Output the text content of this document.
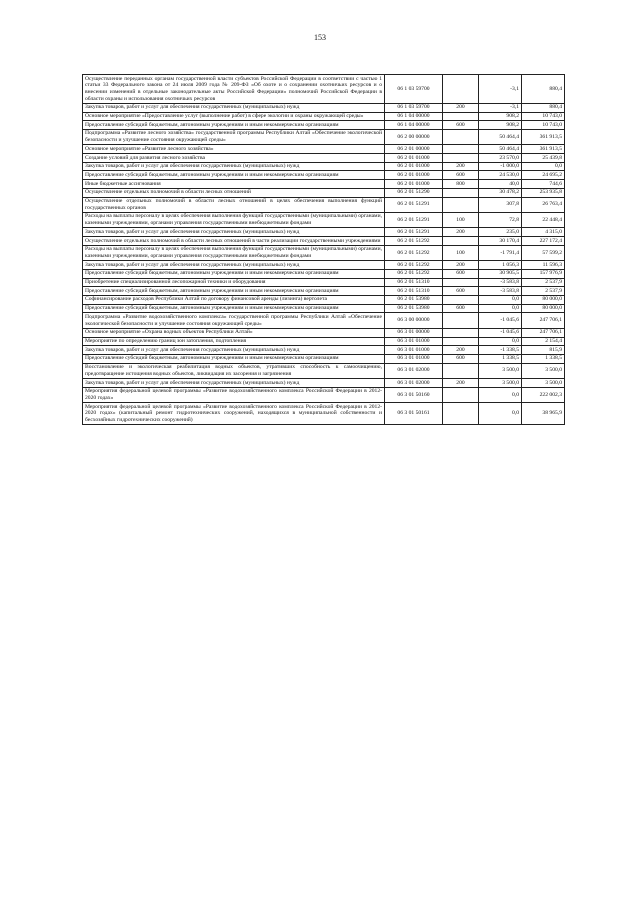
153
Осуществление переданных органам государственной власти субъектов Российской Федерации в соответствии с частью 1 статьи 33 Федерального закона от 24 июля 2009 года № 209-ФЗ «Об охоте и о сохранении охотничьих ресурсов и о внесении изменений в отдельные законодательные акты Российской Федерации» полномочий Российской Федерации в области охраны и использования охотничьих ресурсов	06 1 03 59700		-3,1	880,4
Закупка товаров, работ и услуг для обеспечения государственных (муниципальных) нужд	06 1 03 59700	200	-3,1	880,4
Основное мероприятие «Предоставление услуг (выполнение работ) в сфере экологии и охраны окружающей среды»	06 1 04 00000		908,2	10 743,0
Предоставление субсидий бюджетным, автономным учреждениям и иным некоммерческим организациям	06 1 04 00000	600	908,2	10 743,0
Подпрограмма «Развитие лесного хозяйства» государственной программы Республики Алтай «Обеспечение экологической безопасности и улучшение состояния окружающей среды»	06 2 00 00000		50 464,4	361 913,5
Основное мероприятие «Развитие лесного хозяйства»	06 2 01 00000		50 464,4	361 913,5
Создание условий для развития лесного хозяйства	06 2 01 01000		23 570,0	25 439,8
Закупка товаров, работ и услуг для обеспечения государственных (муниципальных) нужд	06 2 01 01000	200	-1 000,0	0,0
Предоставление субсидий бюджетным, автономным учреждениям и иным некоммерческим организациям	06 2 01 01000	600	24 530,0	24 695,2
Иные бюджетные ассигнования	06 2 01 01000	800	40,0	744,6
Осуществление отдельных полномочий в области лесных отношений	06 2 01 51290		30 478,2	253 935,8
Осуществление отдельных полномочий в области лесных отношений в целях обеспечения выполнения функций государственных органов	06 2 01 51291		307,8	26 763,4
Расходы на выплаты персоналу в целях обеспечения выполнения функций государственными (муниципальными) органами, казенными учреждениями, органами управления государственными внебюджетными фондами	06 2 01 51291	100	72,8	22 448,4
Закупка товаров, работ и услуг для обеспечения государственных (муниципальных) нужд	06 2 01 51291	200	235,0	4 315,0
Осуществление отдельных полномочий в области лесных отношений в части реализации государственными учреждениями	06 2 01 51292		30 170,4	227 172,4
Расходы на выплаты персоналу в целях обеспечения выполнения функций государственными (муниципальными) органами, казенными учреждениями, органами управления государственными внебюджетными фондами	06 2 01 51292	100	-1 791,4	57 599,2
Закупка товаров, работ и услуг для обеспечения государственных (муниципальных) нужд	06 2 01 51292	200	1 056,3	11 596,3
Предоставление субсидий бюджетным, автономным учреждениям и иным некоммерческим организациям	06 2 01 51292	600	30 905,5	157 976,9
Приобретение специализированной лесопожарной техники и оборудования	06 2 01 51310		-3 583,8	2 537,9
Предоставление субсидий бюджетным, автономным учреждениям и иным некоммерческим организациям	06 2 01 51310	600	-3 583,8	2 537,9
Софинансирование расходов Республики Алтай по договору финансовой аренды (лизинга) вертолета	06 2 01 53980		0,0	80 000,0
Предоставление субсидий бюджетным, автономным учреждениям и иным некоммерческим организациям	06 2 01 53980	600	0,0	80 000,0
Подпрограмма «Развитие водохозяйственного комплекса» государственной программы Республики Алтай «Обеспечение экологической безопасности и улучшение состояния окружающей среды»	06 3 00 00000		-1 045,6	247 706,1
Основное мероприятие «Охрана водных объектов Республики Алтай»	06 3 01 00000		-1 045,6	247 706,1
Мероприятие по определению границ зон затопления, подтопления	06 3 01 01000		0,0	2 154,4
Закупка товаров, работ и услуг для обеспечения государственных (муниципальных) нужд	06 3 01 01000	200	-1 338,5	815,9
Предоставление субсидий бюджетным, автономным учреждениям и иным некоммерческим организациям	06 3 01 01000	600	1 338,5	1 338,5
Восстановление и экологическая реабилитация водных объектов, утративших способность к самоочищению, предотвращение истощения водных объектов, ликвидация их засорения и загрязнения	06 3 01 02000		3 500,0	3 500,0
Закупка товаров, работ и услуг для обеспечения государственных (муниципальных) нужд	06 3 01 02000	200	3 500,0	3 500,0
Мероприятия федеральной целевой программы «Развитие водохозяйственного комплекса Российской Федерации в 2012-2020 годах»	06 3 01 50160		0,0	222 002,3
Мероприятия федеральной целевой программы «Развитие водохозяйственного комплекса Российской Федерации в 2012-2020 годах» (капитальный ремонт гидротехнических сооружений, находящихся в муниципальной собственности и бесхозяйных гидротехнических сооружений)	06 3 01 50161		0,0	38 965,9
